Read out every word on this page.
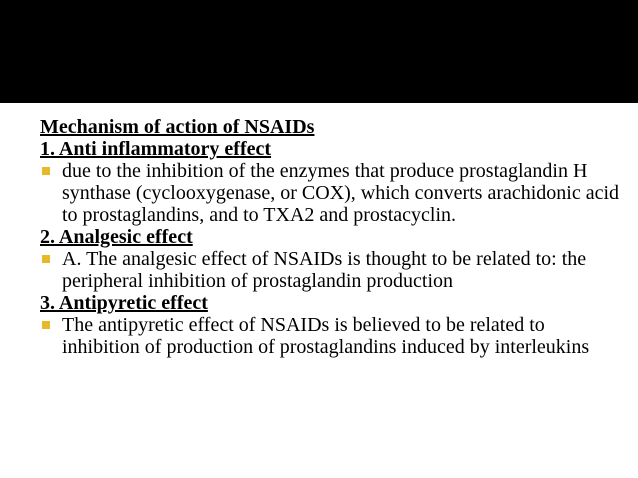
Mechanism of action of NSAIDs
1. Anti inflammatory effect
due to the inhibition of the enzymes that produce prostaglandin H synthase (cyclooxygenase, or COX), which converts arachidonic acid to prostaglandins, and to TXA2 and prostacyclin.
2. Analgesic effect
A. The analgesic effect of NSAIDs is thought to be related to: the peripheral inhibition of prostaglandin production
3. Antipyretic effect
The antipyretic effect of NSAIDs is believed to be related to inhibition of production of prostaglandins induced by interleukins
